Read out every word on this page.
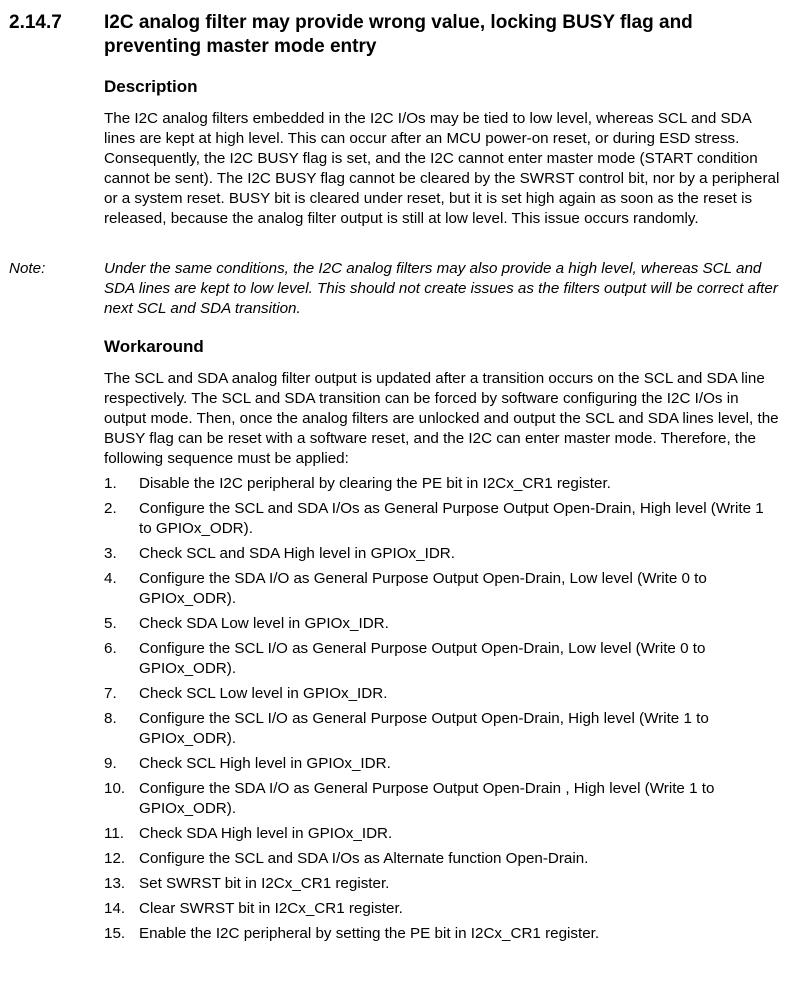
2.14.7 I2C analog filter may provide wrong value, locking BUSY flag and preventing master mode entry
Description

The I2C analog filters embedded in the I2C I/Os may be tied to low level, whereas SCL and SDA lines are kept at high level. This can occur after an MCU power-on reset, or during ESD stress. Consequently, the I2C BUSY flag is set, and the I2C cannot enter master mode (START condition cannot be sent). The I2C BUSY flag cannot be cleared by the SWRST control bit, nor by a peripheral or a system reset. BUSY bit is cleared under reset, but it is set high again as soon as the reset is released, because the analog filter output is still at low level. This issue occurs randomly.

Note:	Under the same conditions, the I2C analog filters may also provide a high level, whereas SCL and SDA lines are kept to low level. This should not create issues as the filters output will be correct after next SCL and SDA transition.

Workaround

The SCL and SDA analog filter output is updated after a transition occurs on the SCL and SDA line respectively. The SCL and SDA transition can be forced by software configuring the I2C I/Os in output mode. Then, once the analog filters are unlocked and output the SCL and SDA lines level, the BUSY flag can be reset with a software reset, and the I2C can enter master mode. Therefore, the following sequence must be applied:

1.	Disable the I2C peripheral by clearing the PE bit in I2Cx_CR1 register.
2.	Configure the SCL and SDA I/Os as General Purpose Output Open-Drain, High level (Write 1 to GPIOx_ODR).
3.	Check SCL and SDA High level in GPIOx_IDR.
4.	Configure the SDA I/O as General Purpose Output Open-Drain, Low level (Write 0 to GPIOx_ODR).
5.	Check SDA Low level in GPIOx_IDR.
6.	Configure the SCL I/O as General Purpose Output Open-Drain, Low level (Write 0 to GPIOx_ODR).
7.	Check SCL Low level in GPIOx_IDR.
8.	Configure the SCL I/O as General Purpose Output Open-Drain, High level (Write 1 to GPIOx_ODR).
9.	Check SCL High level in GPIOx_IDR.
10. Configure the SDA I/O as General Purpose Output Open-Drain , High level (Write 1 to GPIOx_ODR).
11. Check SDA High level in GPIOx_IDR.
12. Configure the SCL and SDA I/Os as Alternate function Open-Drain.
13. Set SWRST bit in I2Cx_CR1 register.
14. Clear SWRST bit in I2Cx_CR1 register.
15. Enable the I2C peripheral by setting the PE bit in I2Cx_CR1 register.
